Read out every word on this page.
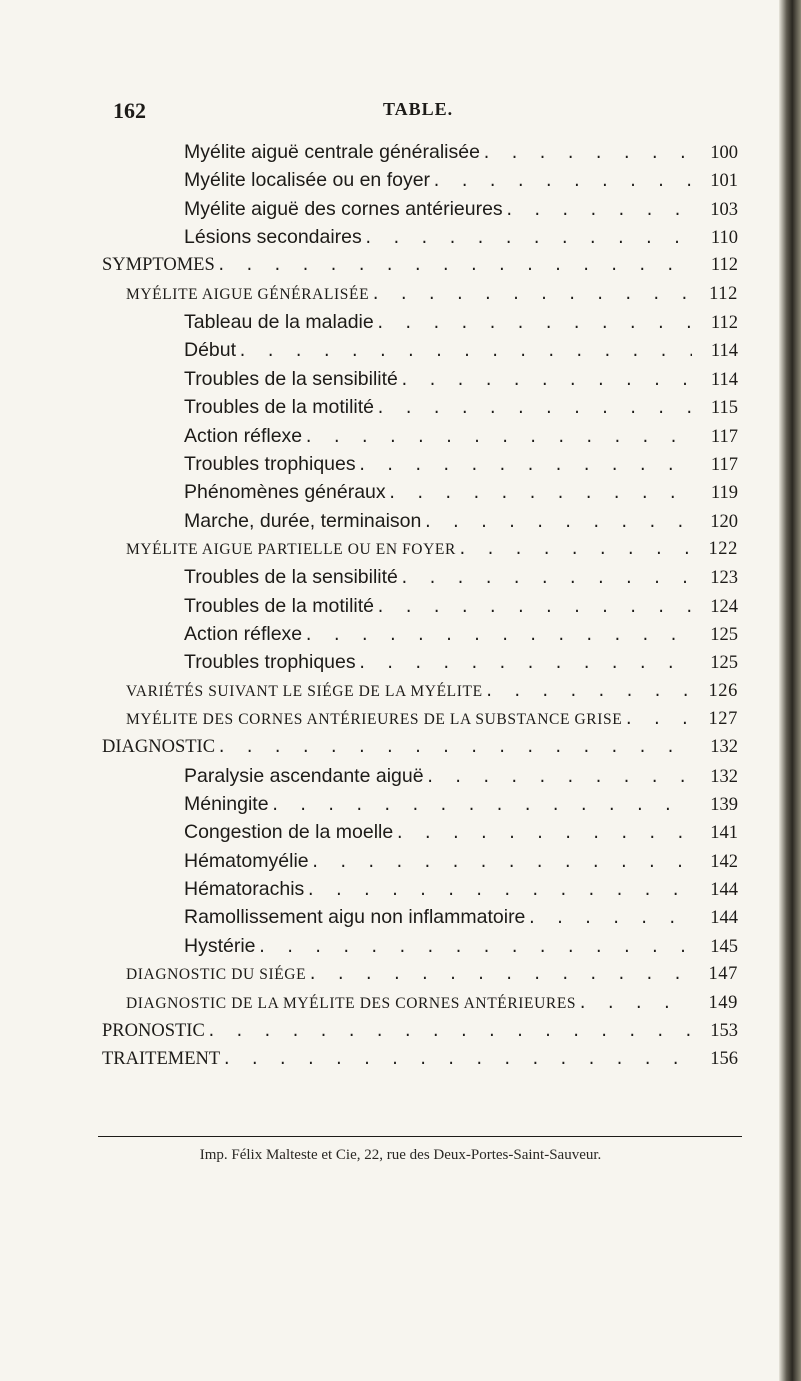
162	TABLE.
Myélite aiguë centrale généralisée . . .	100
Myélite localisée ou en foyer . . .	101
Myélite aiguë des cornes antérieures . . .	103
Lésions secondaires . . .	110
SYMPTOMES . . .	112
MYÉLITE AIGUE GÉNÉRALISÉE . . .	112
Tableau de la maladie . . .	112
Début . . .	114
Troubles de la sensibilité . . .	114
Troubles de la motilité . . .	115
Action réflexe . . .	117
Troubles trophiques . . .	117
Phénomènes généraux . . .	119
Marche, durée, terminaison . . .	120
MYÉLITE AIGUE PARTIELLE OU EN FOYER . . .	122
Troubles de la sensibilité . . .	123
Troubles de la motilité . . .	124
Action réflexe . . .	125
Troubles trophiques . . .	125
VARIÉTÉS SUIVANT LE SIÉGE DE LA MYÉLITE . . .	126
MYÉLITE DES CORNES ANTÉRIEURES DE LA SUBSTANCE GRISE . . .	127
DIAGNOSTIC . . .	132
Paralysie ascendante aiguë . . .	132
Méningite . . .	139
Congestion de la moelle . . .	141
Hématomyélie . . .	142
Hématorachis . . .	144
Ramollissement aigu non inflammatoire . . .	144
Hystérie . . .	145
DIAGNOSTIC DU SIÉGE . . .	147
DIAGNOSTIC DE LA MYÉLITE DES CORNES ANTÉRIEURES . . .	149
PRONOSTIC . . .	153
TRAITEMENT . . .	156
Imp. Félix Malteste et Cie, 22, rue des Deux-Portes-Saint-Sauveur.
